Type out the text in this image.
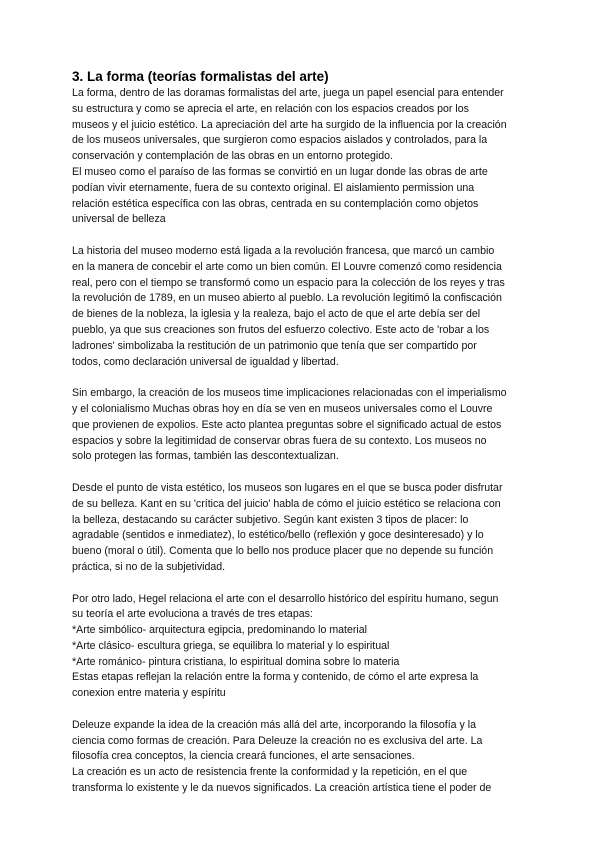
3. La forma (teorías formalistas del arte)

La forma, dentro de las doramas formalistas del arte, juega un papel esencial para entender
su estructura y como se aprecia el arte, en relación con los espacios creados por los
museos y el juicio estético. La apreciación del arte ha surgido de la influencia por la creación
de los museos universales, que surgieron como espacios aislados y controlados, para la
conservación y contemplación de las obras en un entorno protegido.
El museo como el paraíso de las formas se convirtió en un lugar donde las obras de arte
podían vivir eternamente, fuera de su contexto original. El aislamiento permission una
relación estética específica con las obras, centrada en su contemplación como objetos
universal de belleza

La historia del museo moderno está ligada a la revolución francesa, que marcó un cambio
en la manera de concebir el arte como un bien común. El Louvre comenzó como residencia
real, pero con el tiempo se transformó como un espacio para la colección de los reyes y tras
la revolución de 1789, en un museo abierto al pueblo. La revolución legitimó la confiscación
de bienes de la nobleza, la iglesia y la realeza, bajo el acto de que el arte debía ser del
pueblo, ya que sus creaciones son frutos del esfuerzo colectivo. Este acto de 'robar a los
ladrones' simbolizaba la restitución de un patrimonio que tenía que ser compartido por
todos, como declaración universal de igualdad y libertad.

Sin embargo, la creación de los museos time implicaciones relacionadas con el imperialismo
y el colonialismo Muchas obras hoy en día se ven en museos universales como el Louvre
que provienen de expolios. Este acto plantea preguntas sobre el significado actual de estos
espacios y sobre la legitimidad de conservar obras fuera de su contexto. Los museos no
solo protegen las formas, también las descontextualizan.

Desde el punto de vista estético, los museos son lugares en el que se busca poder disfrutar
de su belleza. Kant en su 'crítica del juicio' habla de cómo el juicio estético se relaciona con
la belleza, destacando su carácter subjetivo. Según kant existen 3 tipos de placer: lo
agradable (sentidos e inmediatez), lo estético/bello (reflexión y goce desinteresado) y lo
bueno (moral o útil). Comenta que lo bello nos produce placer que no depende su función
práctica, si no de la subjetividad.

Por otro lado, Hegel relaciona el arte con el desarrollo histórico del espíritu humano, segun
su teoría el arte evoluciona a través de tres etapas:
*Arte simbólico- arquitectura egipcia, predominando lo material
*Arte clásico- escultura griega, se equilibra lo material y lo espiritual
*Arte románico- pintura cristiana, lo espiritual domina sobre lo materia
Estas etapas reflejan la relación entre la forma y contenido, de cómo el arte expresa la
conexion entre materia y espíritu

Deleuze expande la idea de la creación más allá del arte, incorporando la filosofía y la
ciencia como formas de creación. Para Deleuze la creación no es exclusiva del arte. La
filosofía crea conceptos, la ciencia creará funciones, el arte sensaciones.
La creación es un acto de resistencia frente la conformidad y la repetición, en el que
transforma lo existente y le da nuevos significados. La creación artística tiene el poder de
